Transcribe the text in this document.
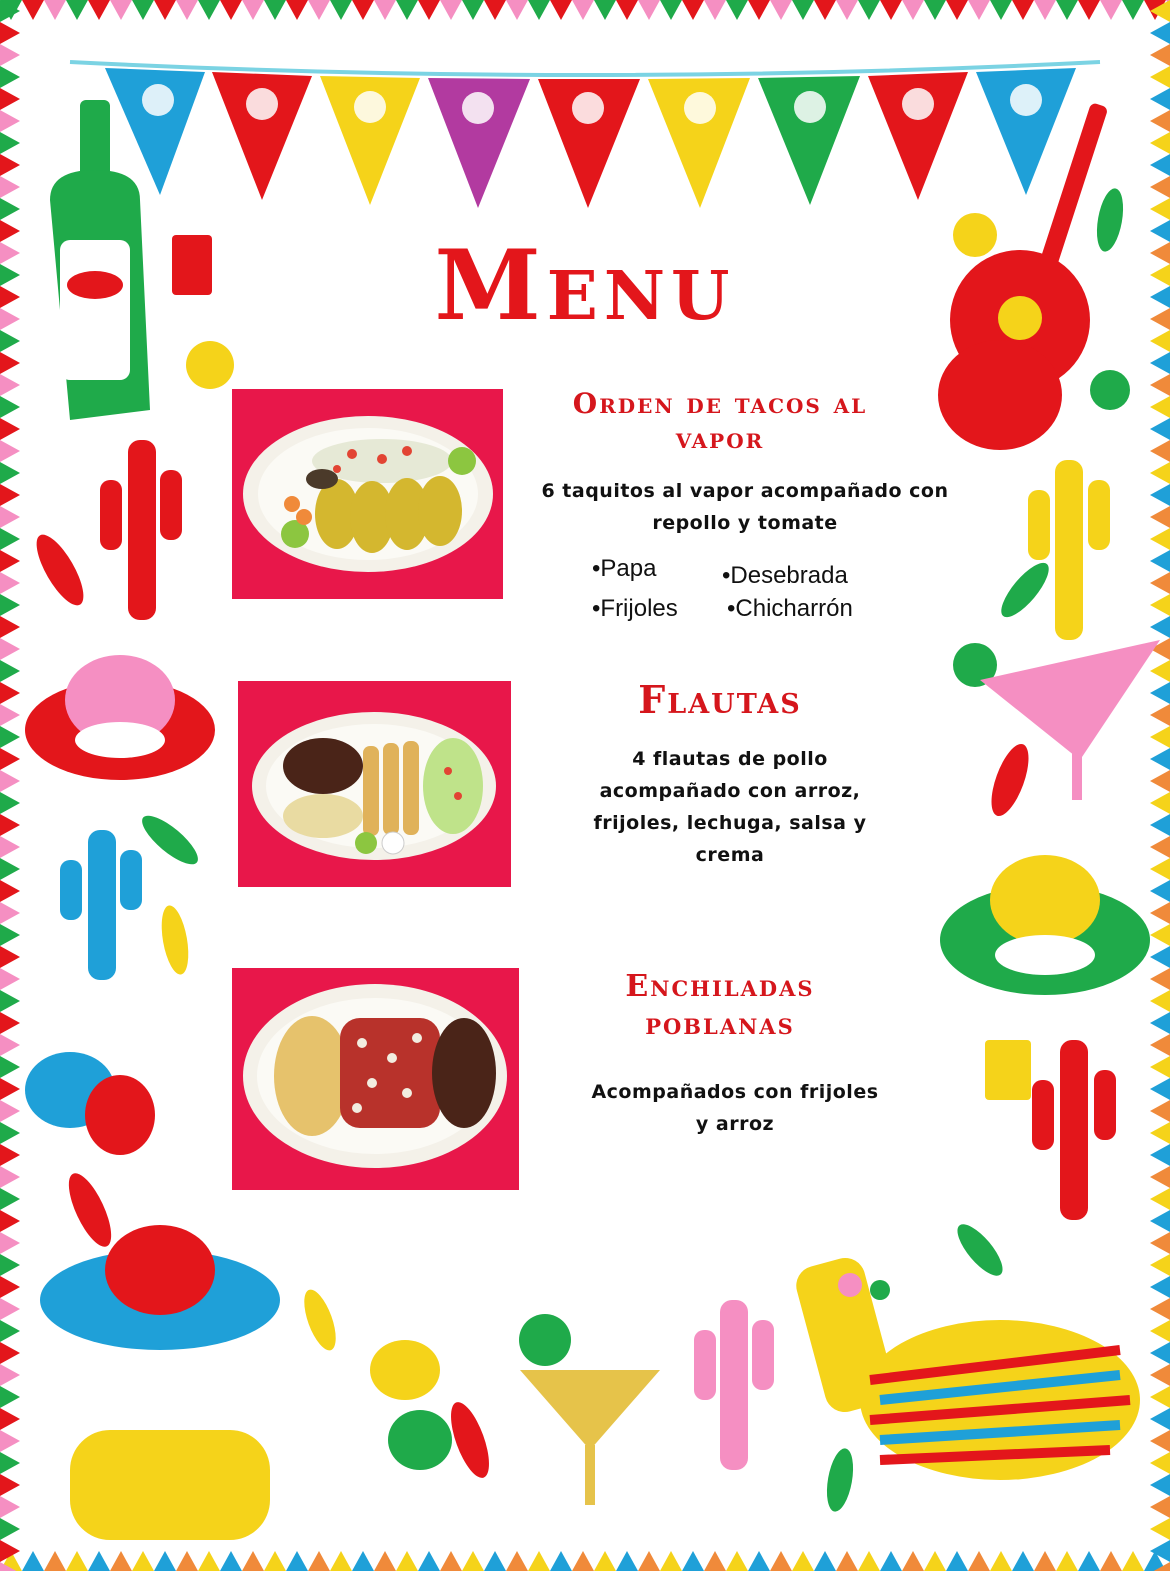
Menu
Orden de tacos al vapor
6 taquitos al vapor acompañado con repollo y tomate
•Papa	•Desebrada
•Frijoles •Chicharrón
Flautas
4 flautas de pollo acompañado con arroz, frijoles, lechuga, salsa y crema
Enchiladas poblanas
Acompañados con frijoles y arroz
